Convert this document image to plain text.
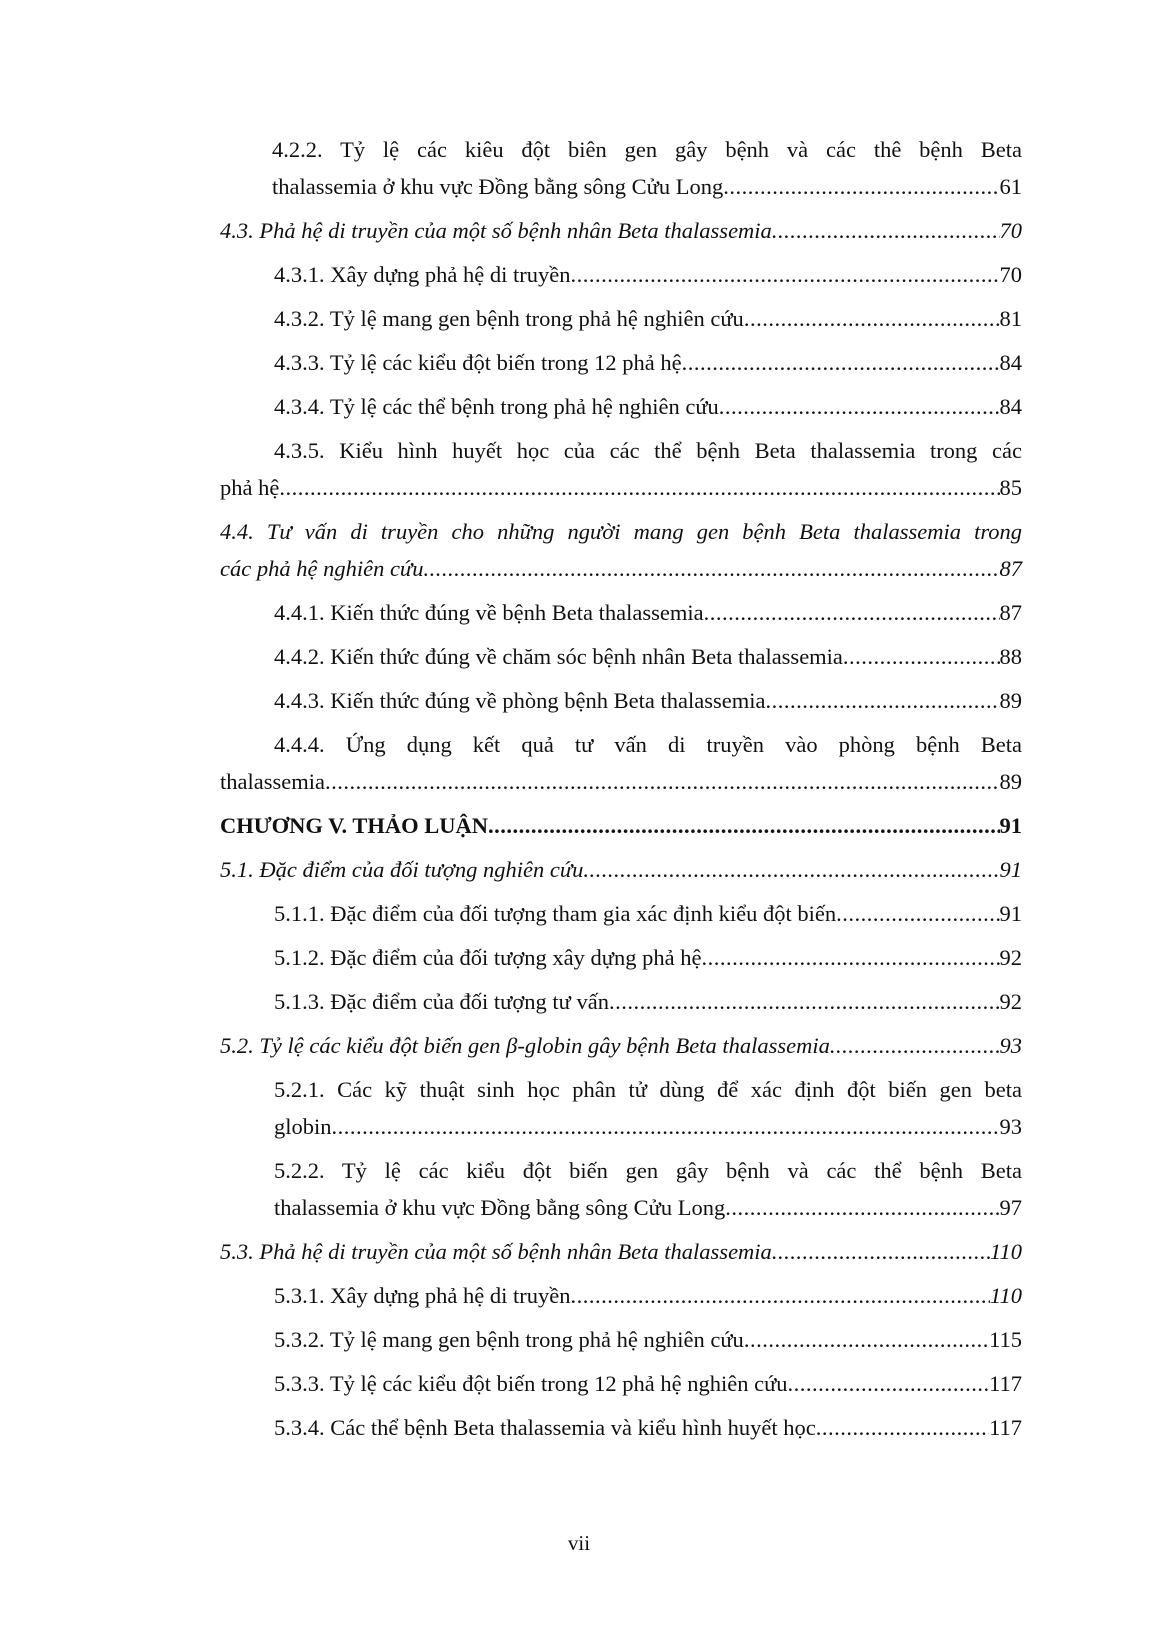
4.2.2. Tỷ lệ các kiêu đột biên gen gây bệnh và các thê bệnh Beta
thalassemia ở khu vực Đồng bằng sông Cửu Long .....	61
4.3. Phả hệ di truyền của một số bệnh nhân Beta thalassemia .....	70
4.3.1. Xây dựng phả hệ di truyền .....	70
4.3.2. Tỷ lệ mang gen bệnh trong phả hệ nghiên cứu .....	81
4.3.3. Tỷ lệ các kiểu đột biến trong 12 phả hệ .....	84
4.3.4. Tỷ lệ các thể bệnh trong phả hệ nghiên cứu .....	84
4.3.5. Kiểu hình huyết học của các thể bệnh Beta thalassemia trong các
phả hệ .....	85
4.4. Tư vấn di truyền cho những người mang gen bệnh Beta thalassemia trong
các phả hệ nghiên cứu .....	87
4.4.1. Kiến thức đúng về bệnh Beta thalassemia .....	87
4.4.2. Kiến thức đúng về chăm sóc bệnh nhân Beta thalassemia .....	88
4.4.3. Kiến thức đúng về phòng bệnh Beta thalassemia .....	89
4.4.4. Ứng dụng kết quả tư vấn di truyền vào phòng bệnh Beta
thalassemia .....	89
CHƯƠNG V. THẢO LUẬN .....	91
5.1. Đặc điểm của đối tượng nghiên cứu .....	91
5.1.1. Đặc điểm của đối tượng tham gia xác định kiểu đột biến .....	91
5.1.2. Đặc điểm của đối tượng xây dựng phả hệ .....	92
5.1.3. Đặc điểm của đối tượng tư vấn .....	92
5.2. Tỷ lệ các kiểu đột biến gen β-globin gây bệnh Beta thalassemia .....	93
5.2.1. Các kỹ thuật sinh học phân tử dùng để xác định đột biến gen beta
globin .....	93
5.2.2. Tỷ lệ các kiểu đột biến gen gây bệnh và các thể bệnh Beta
thalassemia ở khu vực Đồng bằng sông Cửu Long .....	97
5.3. Phả hệ di truyền của một số bệnh nhân Beta thalassemia .....	110
5.3.1. Xây dựng phả hệ di truyền .....	110
5.3.2. Tỷ lệ mang gen bệnh trong phả hệ nghiên cứu .....	115
5.3.3. Tỷ lệ các kiểu đột biến trong 12 phả hệ nghiên cứu .....	117
5.3.4. Các thể bệnh Beta thalassemia và kiểu hình huyết học .....	117
vii
